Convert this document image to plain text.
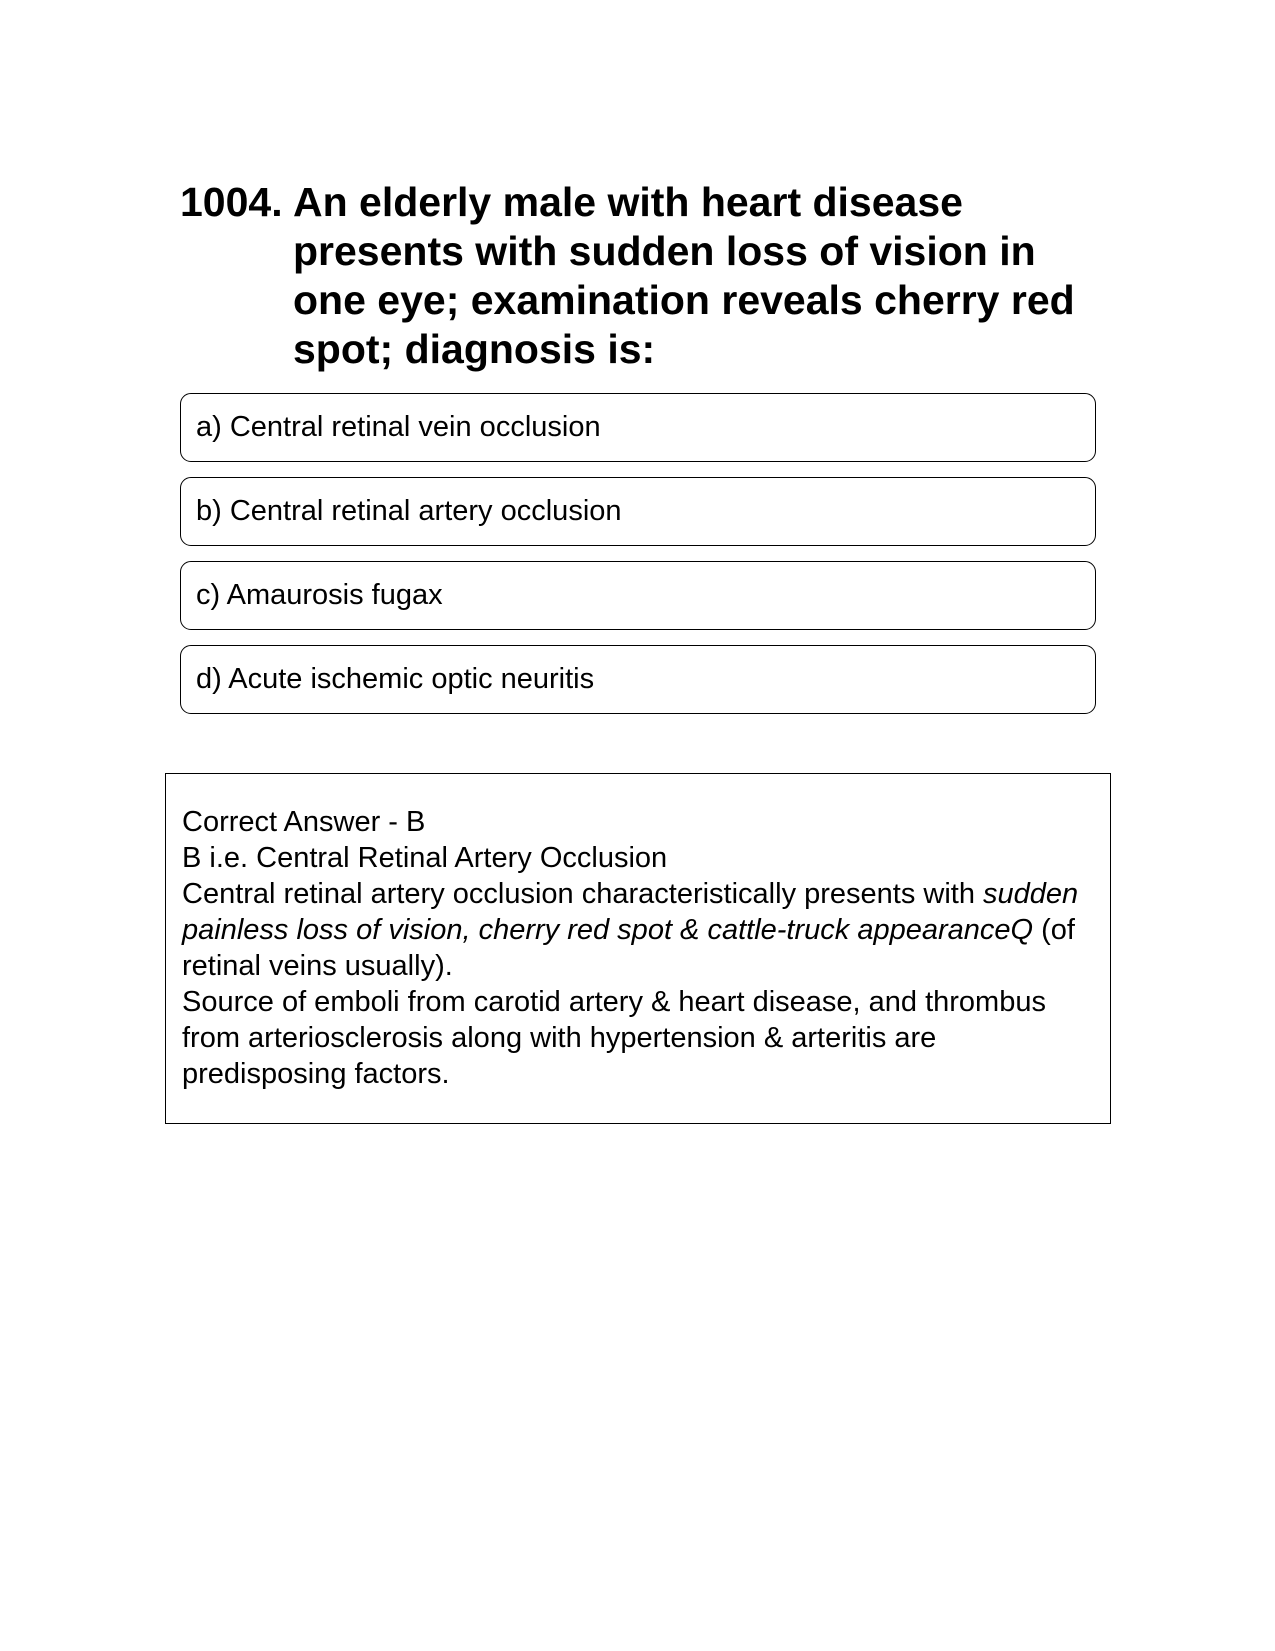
1004. An elderly male with heart disease presents with sudden loss of vision in one eye; examination reveals cherry red spot; diagnosis is:
a) Central retinal vein occlusion
b) Central retinal artery occlusion
c) Amaurosis fugax
d) Acute ischemic optic neuritis

Correct Answer - B

B i.e. Central Retinal Artery Occlusion

Central retinal artery occlusion characteristically presents with sudden painless loss of vision, cherry red spot & cattle-truck appearanceQ (of retinal veins usually).

Source of emboli from carotid artery & heart disease, and thrombus from arteriosclerosis along with hypertension & arteritis are predisposing factors.
